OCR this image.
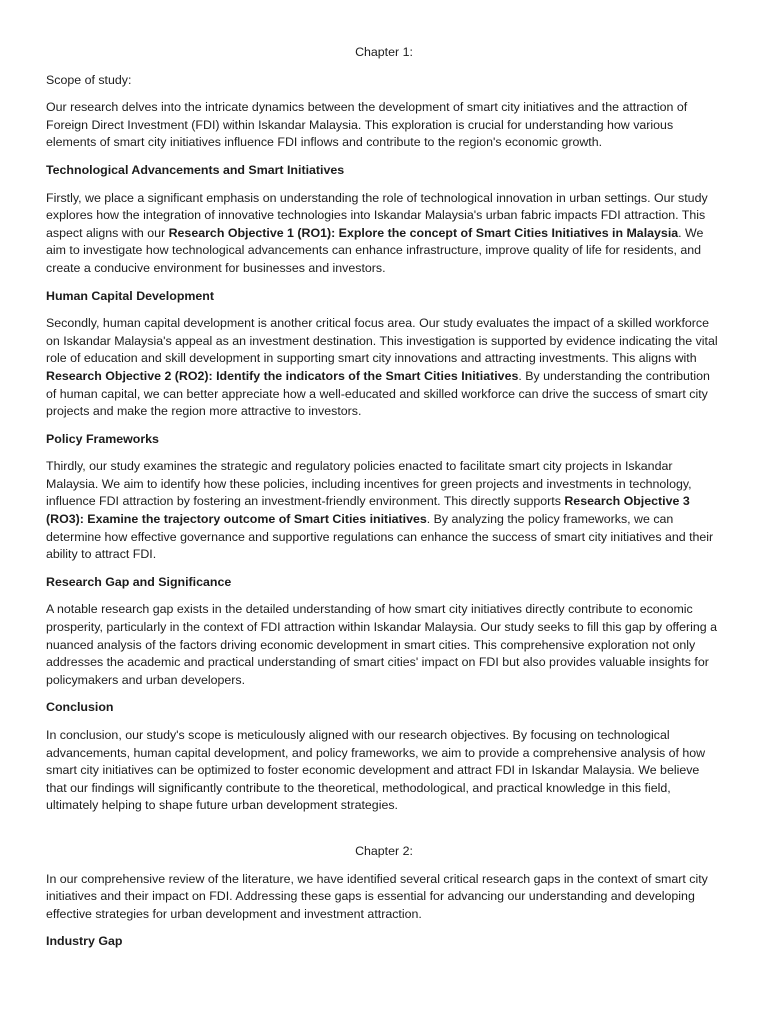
Chapter 1:
Scope of study:

Our research delves into the intricate dynamics between the development of smart city initiatives and the attraction of Foreign Direct Investment (FDI) within Iskandar Malaysia. This exploration is crucial for understanding how various elements of smart city initiatives influence FDI inflows and contribute to the region's economic growth.

Technological Advancements and Smart Initiatives

Firstly, we place a significant emphasis on understanding the role of technological innovation in urban settings. Our study explores how the integration of innovative technologies into Iskandar Malaysia's urban fabric impacts FDI attraction. This aspect aligns with our Research Objective 1 (RO1): Explore the concept of Smart Cities Initiatives in Malaysia. We aim to investigate how technological advancements can enhance infrastructure, improve quality of life for residents, and create a conducive environment for businesses and investors.

Human Capital Development

Secondly, human capital development is another critical focus area. Our study evaluates the impact of a skilled workforce on Iskandar Malaysia's appeal as an investment destination. This investigation is supported by evidence indicating the vital role of education and skill development in supporting smart city innovations and attracting investments. This aligns with Research Objective 2 (RO2): Identify the indicators of the Smart Cities Initiatives. By understanding the contribution of human capital, we can better appreciate how a well-educated and skilled workforce can drive the success of smart city projects and make the region more attractive to investors.

Policy Frameworks

Thirdly, our study examines the strategic and regulatory policies enacted to facilitate smart city projects in Iskandar Malaysia. We aim to identify how these policies, including incentives for green projects and investments in technology, influence FDI attraction by fostering an investment-friendly environment. This directly supports Research Objective 3 (RO3): Examine the trajectory outcome of Smart Cities initiatives. By analyzing the policy frameworks, we can determine how effective governance and supportive regulations can enhance the success of smart city initiatives and their ability to attract FDI.

Research Gap and Significance

A notable research gap exists in the detailed understanding of how smart city initiatives directly contribute to economic prosperity, particularly in the context of FDI attraction within Iskandar Malaysia. Our study seeks to fill this gap by offering a nuanced analysis of the factors driving economic development in smart cities. This comprehensive exploration not only addresses the academic and practical understanding of smart cities' impact on FDI but also provides valuable insights for policymakers and urban developers.

Conclusion

In conclusion, our study's scope is meticulously aligned with our research objectives. By focusing on technological advancements, human capital development, and policy frameworks, we aim to provide a comprehensive analysis of how smart city initiatives can be optimized to foster economic development and attract FDI in Iskandar Malaysia. We believe that our findings will significantly contribute to the theoretical, methodological, and practical knowledge in this field, ultimately helping to shape future urban development strategies.

Chapter 2:

In our comprehensive review of the literature, we have identified several critical research gaps in the context of smart city initiatives and their impact on FDI. Addressing these gaps is essential for advancing our understanding and developing effective strategies for urban development and investment attraction.

Industry Gap
